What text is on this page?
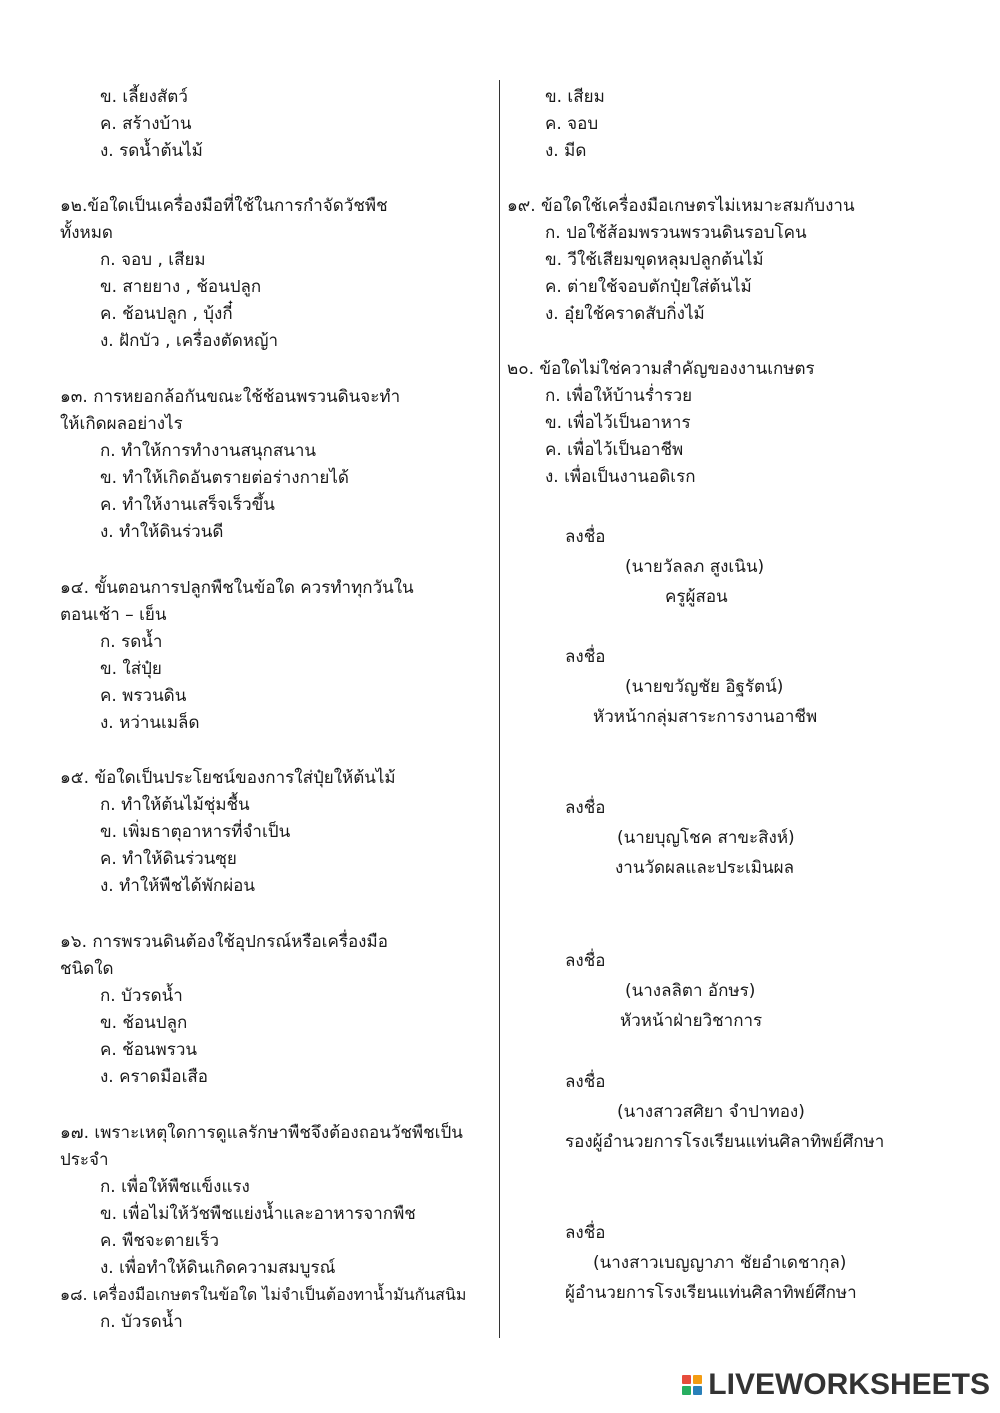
ข. เลี้ยงสัตว์
ค. สร้างบ้าน
ง. รดน้ำต้นไม้
๑๒.ข้อใดเป็นเครื่องมือที่ใช้ในการกำจัดวัชพืช
ทั้งหมด
ก. จอบ , เสียม
ข. สายยาง , ช้อนปลูก
ค. ช้อนปลูก , บุ้งกี๋
ง. ฝักบัว , เครื่องตัดหญ้า
๑๓. การหยอกล้อกันขณะใช้ช้อนพรวนดินจะทำ
ให้เกิดผลอย่างไร
ก. ทำให้การทำงานสนุกสนาน
ข. ทำให้เกิดอันตรายต่อร่างกายได้
ค. ทำให้งานเสร็จเร็วขึ้น
ง. ทำให้ดินร่วนดี
๑๔. ขั้นตอนการปลูกพืชในข้อใด ควรทำทุกวันใน
ตอนเช้า – เย็น
ก. รดน้ำ
ข. ใส่ปุ๋ย
ค. พรวนดิน
ง. หว่านเมล็ด
๑๕. ข้อใดเป็นประโยชน์ของการใส่ปุ๋ยให้ต้นไม้
ก. ทำให้ต้นไม้ชุ่มชื้น
ข. เพิ่มธาตุอาหารที่จำเป็น
ค. ทำให้ดินร่วนซุย
ง. ทำให้พืชได้พักผ่อน
๑๖. การพรวนดินต้องใช้อุปกรณ์หรือเครื่องมือ
ชนิดใด
ก. บัวรดน้ำ
ข. ช้อนปลูก
ค. ช้อนพรวน
ง. คราดมือเสือ
๑๗. เพราะเหตุใดการดูแลรักษาพืชจึงต้องถอนวัชพืชเป็น
ประจำ
ก. เพื่อให้พืชแข็งแรง
ข. เพื่อไม่ให้วัชพืชแย่งน้ำและอาหารจากพืช
ค. พืชจะตายเร็ว
ง. เพื่อทำให้ดินเกิดความสมบูรณ์
๑๘. เครื่องมือเกษตรในข้อใด ไม่จำเป็นต้องทาน้ำมันกันสนิม
ก. บัวรดน้ำ
ข. เสียม
ค. จอบ
ง. มีด
๑๙. ข้อใดใช้เครื่องมือเกษตรไม่เหมาะสมกับงาน
ก. ปอใช้ส้อมพรวนพรวนดินรอบโคน
ข. วีใช้เสียมขุดหลุมปลูกต้นไม้
ค. ต่ายใช้จอบตักปุ๋ยใส่ต้นไม้
ง. อุ๋ยใช้คราดสับกิ่งไม้
๒๐. ข้อใดไม่ใช่ความสำคัญของงานเกษตร
ก. เพื่อให้บ้านร่ำรวย
ข. เพื่อไว้เป็นอาหาร
ค. เพื่อไว้เป็นอาชีพ
ง. เพื่อเป็นงานอดิเรก
ลงชื่อ
(นายวัลลภ สูงเนิน)
ครูผู้สอน
ลงชื่อ
(นายขวัญชัย อิฐรัตน์)
หัวหน้ากลุ่มสาระการงานอาชีพ
ลงชื่อ
(นายบุญโชค สาขะสิงห์)
งานวัดผลและประเมินผล
ลงชื่อ
(นางลลิตา อักษร)
หัวหน้าฝ่ายวิชาการ
ลงชื่อ
(นางสาวสศิยา จำปาทอง)
รองผู้อำนวยการโรงเรียนแท่นศิลาทิพย์ศึกษา
ลงชื่อ
(นางสาวเบญญาภา ชัยอำเดชากุล)
ผู้อำนวยการโรงเรียนแท่นศิลาทิพย์ศึกษา
LIVEWORKSHEETS
